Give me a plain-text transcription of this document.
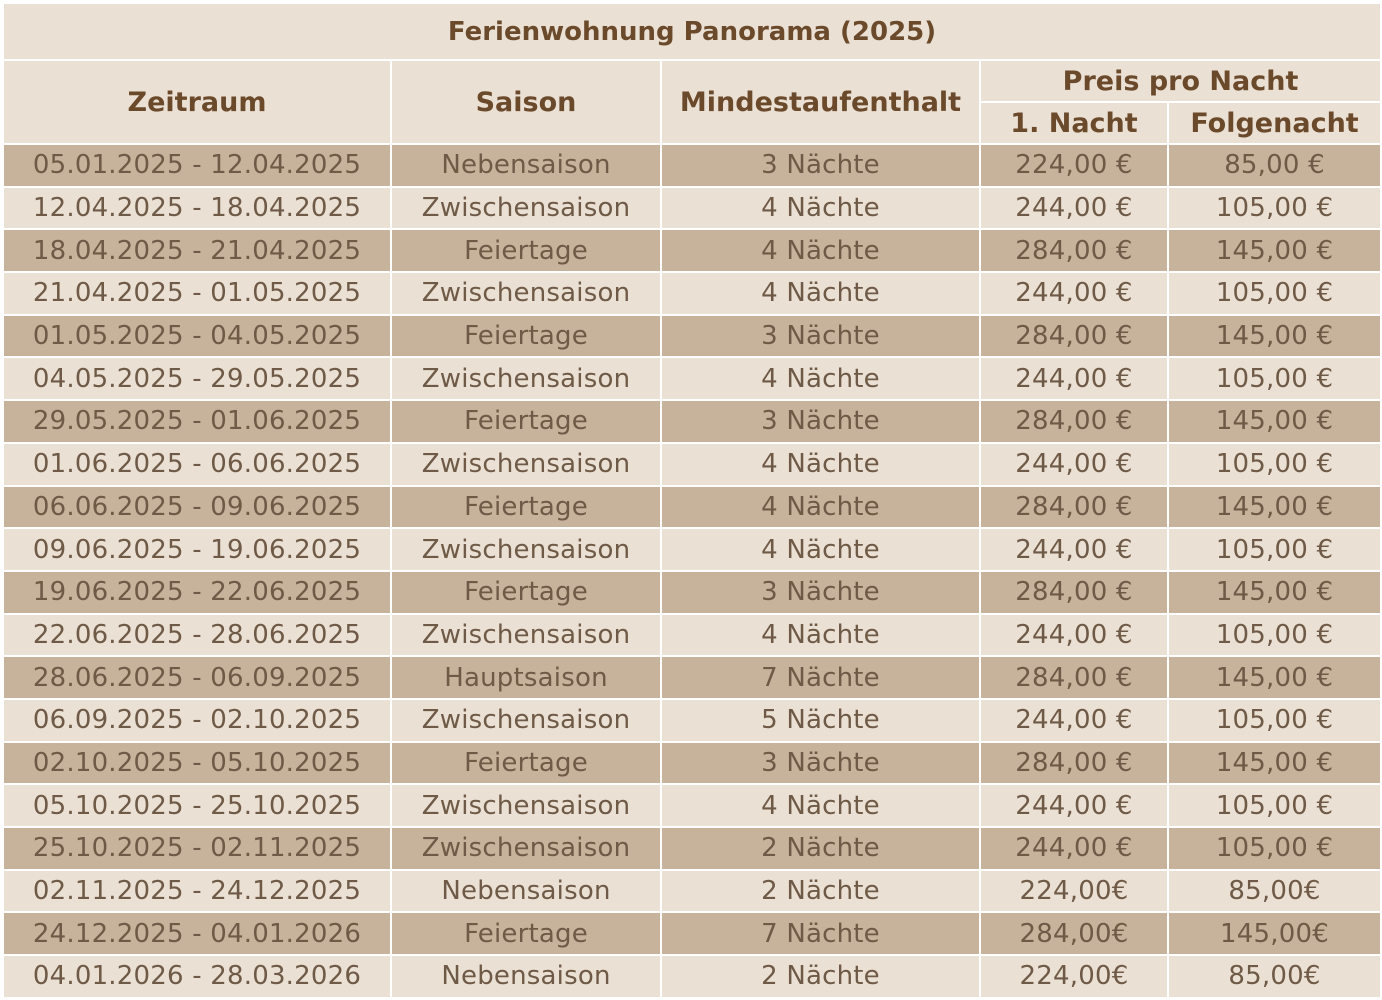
Ferienwohnung Panorama (2025)				
Zeitraum	Saison	Mindestaufenthalt	Preis pro Nacht	
			1. Nacht	Folgenacht
05.01.2025 - 12.04.2025	Nebensaison	3 Nächte	224,00 €	85,00 €
12.04.2025 - 18.04.2025	Zwischensaison	4 Nächte	244,00 €	105,00 €
18.04.2025 - 21.04.2025	Feiertage	4 Nächte	284,00 €	145,00 €
21.04.2025 - 01.05.2025	Zwischensaison	4 Nächte	244,00 €	105,00 €
01.05.2025 - 04.05.2025	Feiertage	3 Nächte	284,00 €	145,00 €
04.05.2025 - 29.05.2025	Zwischensaison	4 Nächte	244,00 €	105,00 €
29.05.2025 - 01.06.2025	Feiertage	3 Nächte	284,00 €	145,00 €
01.06.2025 - 06.06.2025	Zwischensaison	4 Nächte	244,00 €	105,00 €
06.06.2025 - 09.06.2025	Feiertage	4 Nächte	284,00 €	145,00 €
09.06.2025 - 19.06.2025	Zwischensaison	4 Nächte	244,00 €	105,00 €
19.06.2025 - 22.06.2025	Feiertage	3 Nächte	284,00 €	145,00 €
22.06.2025 - 28.06.2025	Zwischensaison	4 Nächte	244,00 €	105,00 €
28.06.2025 - 06.09.2025	Hauptsaison	7 Nächte	284,00 €	145,00 €
06.09.2025 - 02.10.2025	Zwischensaison	5 Nächte	244,00 €	105,00 €
02.10.2025 - 05.10.2025	Feiertage	3 Nächte	284,00 €	145,00 €
05.10.2025 - 25.10.2025	Zwischensaison	4 Nächte	244,00 €	105,00 €
25.10.2025 - 02.11.2025	Zwischensaison	2 Nächte	244,00 €	105,00 €
02.11.2025 - 24.12.2025	Nebensaison	2 Nächte	224,00€	85,00€
24.12.2025 - 04.01.2026	Feiertage	7 Nächte	284,00€	145,00€
04.01.2026 - 28.03.2026	Nebensaison	2 Nächte	224,00€	85,00€
